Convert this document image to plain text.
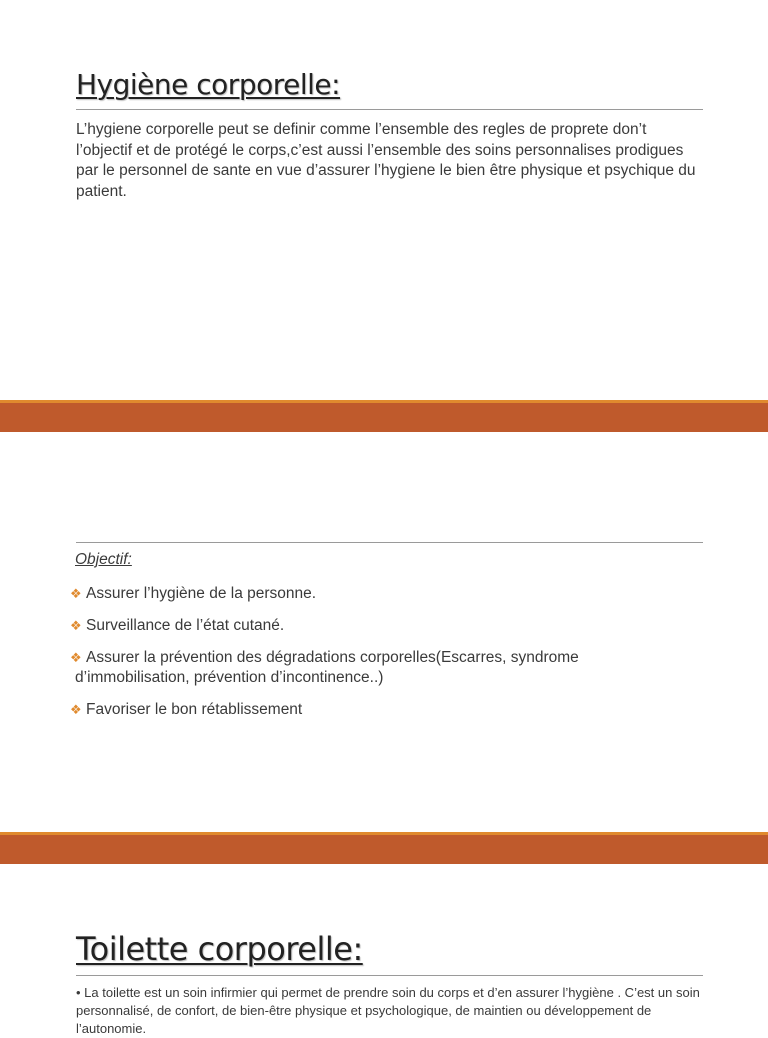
Hygiène corporelle:

L’hygiene corporelle peut se definir comme l’ensemble des regles de proprete don’t l’objectif et de protégé le corps,c’est aussi l’ensemble des soins personnalises prodigues par le personnel de sante en vue d’assurer l’hygiene le bien être physique et psychique du patient.

Objectif:

❖ Assurer l’hygiène de la personne.
❖ Surveillance de l’état cutané.
❖ Assurer la prévention des dégradations corporelles(Escarres, syndrome
d’immobilisation, prévention d’incontinence..)
❖ Favoriser le bon rétablissement
Toilette corporelle:

• La toilette est un soin infirmier qui permet de prendre soin du corps et d’en assurer l’hygiène . C’est un soin personnalisé, de confort, de bien-être physique et psychologique, de maintien ou développement de l’autonomie.
